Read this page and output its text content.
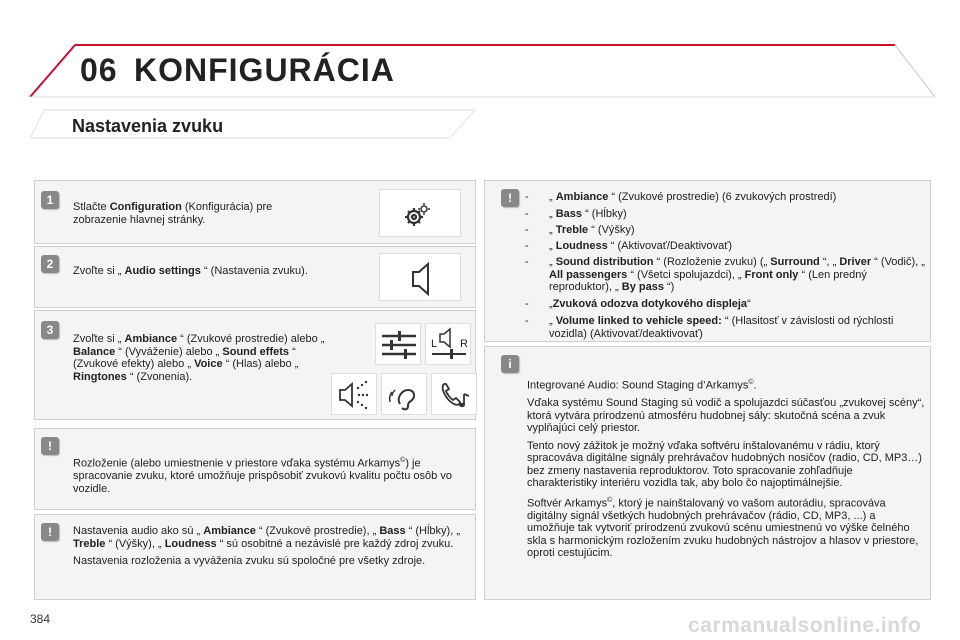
06 KONFIGURÁCIA
Nastavenia zvuku
1	Stlačte Configuration (Konfigurácia) pre zobrazenie hlavnej stránky.
2	Zvoľte si „ Audio settings “ (Nastavenia zvuku).
3
Zvoľte si „ Ambiance “ (Zvukové prostredie) alebo „ Balance “ (Vyváženie) alebo „ Sound effets “ (Zvukové efekty) alebo „ Voice “ (Hlas) alebo „ Ringtones “ (Zvonenia).
L R
!
Rozloženie (alebo umiestnenie v priestore vďaka systému Arkamys©) je spracovanie zvuku, ktoré umožňuje prispôsobiť zvukovú kvalitu počtu osôb vo vozidle.
!	Nastavenia audio ako sú „ Ambiance “ (Zvukové prostredie), „ Bass “ (Hĺbky), „ Treble “ (Výšky), „ Loudness “ sú osobitné a nezávislé pre každý zdroj zvuku.

Nastavenia rozloženia a vyváženia zvuku sú spoločné pre všetky zdroje.

!	- „ Ambiance “ (Zvukové prostredie) (6 zvukových prostredí)
- „ Bass “ (Hĺbky)
- „ Treble “ (Výšky)
- „ Loudness “ (Aktivovať/Deaktivovať)
- „ Sound distribution “ (Rozloženie zvuku) („ Surround “, „ Driver “ (Vodič), „ All passengers “ (Všetci spolujazdci), „ Front only “ (Len predný reproduktor), „ By pass “)
- „Zvuková odozva dotykového displeja“
- „ Volume linked to vehicle speed: “ (Hlasitosť v závislosti od rýchlosti vozidla) (Aktivovať/deaktivovať)
i

Integrované Audio: Sound Staging d’Arkamys©.

Vďaka systému Sound Staging sú vodič a spolujazdci súčasťou „zvukovej scény“, ktorá vytvára prirodzenú atmosféru hudobnej sály: skutočná scéna a zvuk vyplňajúci celý priestor.

Tento nový zážitok je možný vďaka softvéru inštalovanému v rádiu, ktorý spracováva digitálne signály prehrávačov hudobných nosičov (radio, CD, MP3…) bez zmeny nastavenia reproduktorov. Toto spracovanie zohľadňuje charakteristiky interiéru vozidla tak, aby bolo čo najoptimálnejšie.

Softvér Arkamys©, ktorý je nainštalovaný vo vašom autorádiu, spracováva digitálny signál všetkých hudobných prehrávačov (rádio, CD, MP3, ...) a umožňuje tak vytvoriť prirodzenú zvukovú scénu umiestnenú vo výške čelného skla s harmonickým rozložením zvuku hudobných nástrojov a hlasov v priestore, oproti cestujúcim.

384	carmanualsonline.info
